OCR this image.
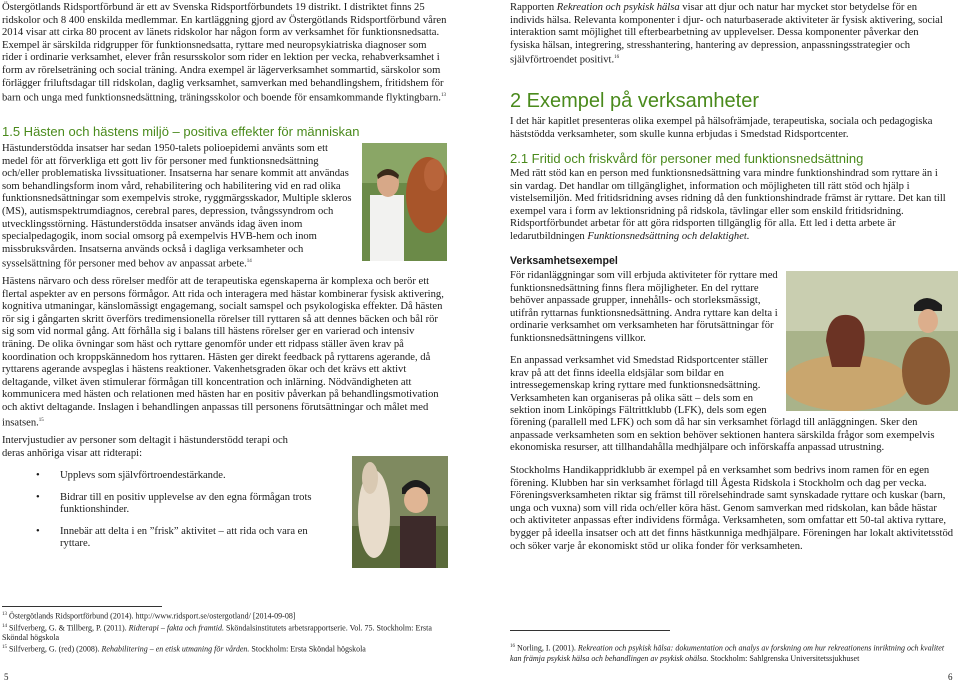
Östergötlands Ridsportförbund är ett av Svenska Ridsportförbundets 19 distrikt. I distriktet finns 25 ridskolor och 8 400 enskilda medlemmar. En kartläggning gjord av Östergötlands Ridsportförbund våren 2014 visar att cirka 80 procent av länets ridskolor har någon form av verksamhet för funktionsnedsatta. Exempel är särskilda ridgrupper för funktionsnedsatta, ryttare med neuropsykiatriska diagnoser som rider i ordinarie verksamhet, elever från resursskolor som rider en lektion per vecka, rehabverksamhet i form av rörelseträning och social träning. Andra exempel är lägerverksamhet sommartid, särskolor som förlägger friluftsdagar till ridskolan, daglig verksamhet, samverkan med behandlingshem, fritidshem för barn och unga med funktionsnedsättning, träningsskolor och boende för ensamkommande flyktingbarn.$^{13}$

1.5 Hästen och hästens miljö – positiva effekter för människan

Hästunderstödda insatser har sedan 1950-talets polioepidemi använts som ett medel för att förverkliga ett gott liv för personer med funktionsnedsättning och/eller problematiska livssituationer. Insatserna har senare kommit att användas som behandlingsform inom vård, rehabilitering och habilitering vid en rad olika funktionsnedsättningar som exempelvis stroke, ryggmärgsskador, Multiple skleros (MS), autismspektrumdiagnos, cerebral pares, depression, tvångssyndrom och utvecklingsstörning. Hästunderstödda insatser används idag även inom specialpedagogik, inom social omsorg på exempelvis HVB-hem och inom missbruksvården. Insatserna används också i dagliga verksamheter och sysselsättning för personer med behov av anpassat arbete.$^{14}$

Hästens närvaro och dess rörelser medför att de terapeutiska egenskaperna är komplexa och berör ett flertal aspekter av en persons förmågor. Att rida och interagera med hästar kombinerar fysisk aktivering, kognitiva utmaningar, känslomässigt engagemang, socialt samspel och psykologiska effekter. Då hästen rör sig i gångarten skritt överförs tredimensionella rörelser till ryttaren så att dennes bäcken och bål rör sig som vid normal gång. Att förhålla sig i balans till hästens rörelser ger en varierad och intensiv träning. De olika övningar som häst och ryttare genomför under ett ridpass ställer även krav på koordination och kroppskännedom hos ryttaren. Hästen ger direkt feedback på ryttarens agerande, då ryttarens agerande avspeglas i hästens reaktioner. Vakenhetsgraden ökar och det krävs ett aktivt deltagande, vilket även stimulerar förmågan till koncentration och inlärning. Nödvändigheten att kommunicera med hästen och relationen med hästen har en positiv påverkan på behandlingsmotivation och aktivt deltagande. Inslagen i behandlingen anpassas till personens förutsättningar och målet med insatsen.$^{15}$

Intervjustudier av personer som deltagit i hästunderstödd terapi och deras anhöriga visar att ridterapi:

• Upplevs som självförtroendestärkande.
• Bidrar till en positiv upplevelse av den egna förmågan trots funktionshinder.
• Innebär att delta i en ”frisk” aktivitet – att rida och vara en ryttare.
$^{13}$ Östergötlands Ridsportförbund (2014). http://www.ridsport.se/ostergotland/ [2014-09-08]
$^{14}$ Silfverberg, G. & Tillberg, P. (2011). Ridterapi – fakta och framtid. Sköndalsinstitutets arbetsrapportserie. Vol. 75. Stockholm: Ersta Sköndal högskola
$^{15}$ Silfverberg, G. (red) (2008). Rehabilitering – en etisk utmaning för vården. Stockholm: Ersta Sköndal högskola
5

Rapporten Rekreation och psykisk hälsa visar att djur och natur har mycket stor betydelse för en individs hälsa. Relevanta komponenter i djur- och naturbaserade aktiviteter är fysisk aktivering, social interaktion samt möjlighet till efterbearbetning av upplevelser. Dessa komponenter påverkar den fysiska hälsan, integrering, stresshantering, hantering av depression, anpassningsstrategier och självförtroendet positivt.$^{16}$

2 Exempel på verksamheter

I det här kapitlet presenteras olika exempel på hälsofrämjade, terapeutiska, sociala och pedagogiska häststödda verksamheter, som skulle kunna erbjudas i Smedstad Ridsportcenter.

2.1 Fritid och friskvård för personer med funktionsnedsättning

Med rätt stöd kan en person med funktionsnedsättning vara mindre funktionshindrad som ryttare än i sin vardag. Det handlar om tillgänglighet, information och möjligheten till rätt stöd och hjälp i vistelsemiljön. Med fritidsridning avses ridning då den funktionshindrade främst är ryttare. Det kan till exempel vara i form av lektionsridning på ridskola, tävlingar eller som enskild fritidsridning. Ridsportförbundet arbetar för att göra ridsporten tillgänglig för alla. Ett led i detta arbete är ledarutbildningen Funktionsnedsättning och delaktighet.

Verksamhetsexempel

För ridanläggningar som vill erbjuda aktiviteter för ryttare med funktionsnedsättning finns flera möjligheter. En del ryttare behöver anpassade grupper, innehålls- och storleksmässigt, utifrån ryttarnas funktionsnedsättning. Andra ryttare kan delta i ordinarie verksamhet om verksamheten har förutsättningar för funktionsnedsättningens villkor.

En anpassad verksamhet vid Smedstad Ridsportcenter ställer krav på att det finns ideella eldsjälar som bildar en intressegemenskap kring ryttare med funktionsnedsättning. Verksamheten kan organiseras på olika sätt – dels som en sektion inom Linköpings Fältrittklubb (LFK), dels som egen

förening (parallell med LFK) och som då har sin verksamhet förlagd till anläggningen. Sker den anpassade verksamheten som en sektion behöver sektionen hantera särskilda frågor som exempelvis ekonomiska resurser, att tillhandahålla medhjälpare och införskaffa anpassad utrustning.

Stockholms Handikappridklubb är exempel på en verksamhet som bedrivs inom ramen för en egen förening. Klubben har sin verksamhet förlagd till Ågesta Ridskola i Stockholm och dag per vecka. Föreningsverksamheten riktar sig främst till rörelsehindrade samt synskadade ryttare och kuskar (barn, unga och vuxna) som vill rida och/eller köra häst. Genom samverkan med ridskolan, kan både hästar och aktiviteter anpassas efter individens förmåga. Verksamheten, som omfattar ett 50-tal aktiva ryttare, bygger på ideella insatser och att det finns hästkunniga medhjälpare. Föreningen har lokalt aktivitetsstöd och söker varje år ekonomiskt stöd ur olika fonder för verksamheten.

$^{16}$ Norling, I. (2001). Rekreation och psykisk hälsa: dokumentation och analys av forskning om hur rekreationens inriktning och kvalitet kan främja psykisk hälsa och behandlingen av psykisk ohälsa. Stockholm: Sahlgrenska Universitetssjukhuset
6
